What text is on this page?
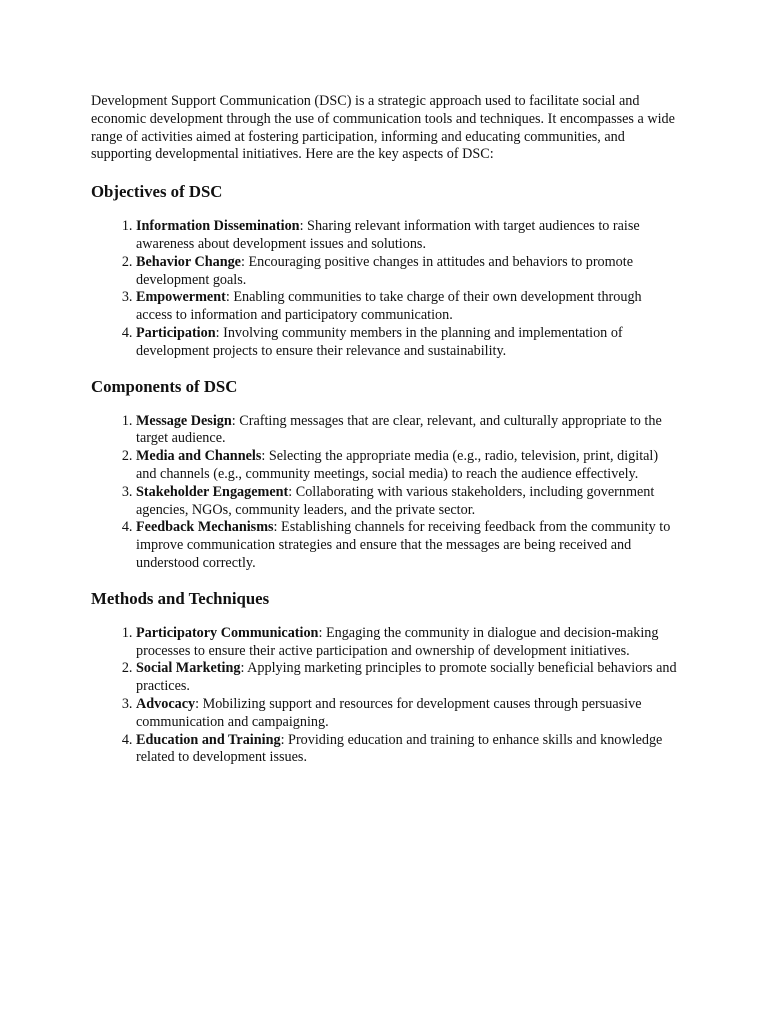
Development Support Communication (DSC) is a strategic approach used to facilitate social and economic development through the use of communication tools and techniques. It encompasses a wide range of activities aimed at fostering participation, informing and educating communities, and supporting developmental initiatives. Here are the key aspects of DSC:

Objectives of DSC
1. Information Dissemination: Sharing relevant information with target audiences to raise awareness about development issues and solutions.
2. Behavior Change: Encouraging positive changes in attitudes and behaviors to promote development goals.
3. Empowerment: Enabling communities to take charge of their own development through access to information and participatory communication.
4. Participation: Involving community members in the planning and implementation of development projects to ensure their relevance and sustainability.
Components of DSC
1. Message Design: Crafting messages that are clear, relevant, and culturally appropriate to the target audience.
2. Media and Channels: Selecting the appropriate media (e.g., radio, television, print, digital) and channels (e.g., community meetings, social media) to reach the audience effectively.
3. Stakeholder Engagement: Collaborating with various stakeholders, including government agencies, NGOs, community leaders, and the private sector.
4. Feedback Mechanisms: Establishing channels for receiving feedback from the community to improve communication strategies and ensure that the messages are being received and understood correctly.
Methods and Techniques
1. Participatory Communication: Engaging the community in dialogue and decision-making processes to ensure their active participation and ownership of development initiatives.
2. Social Marketing: Applying marketing principles to promote socially beneficial behaviors and practices.
3. Advocacy: Mobilizing support and resources for development causes through persuasive communication and campaigning.
4. Education and Training: Providing education and training to enhance skills and knowledge related to development issues.
